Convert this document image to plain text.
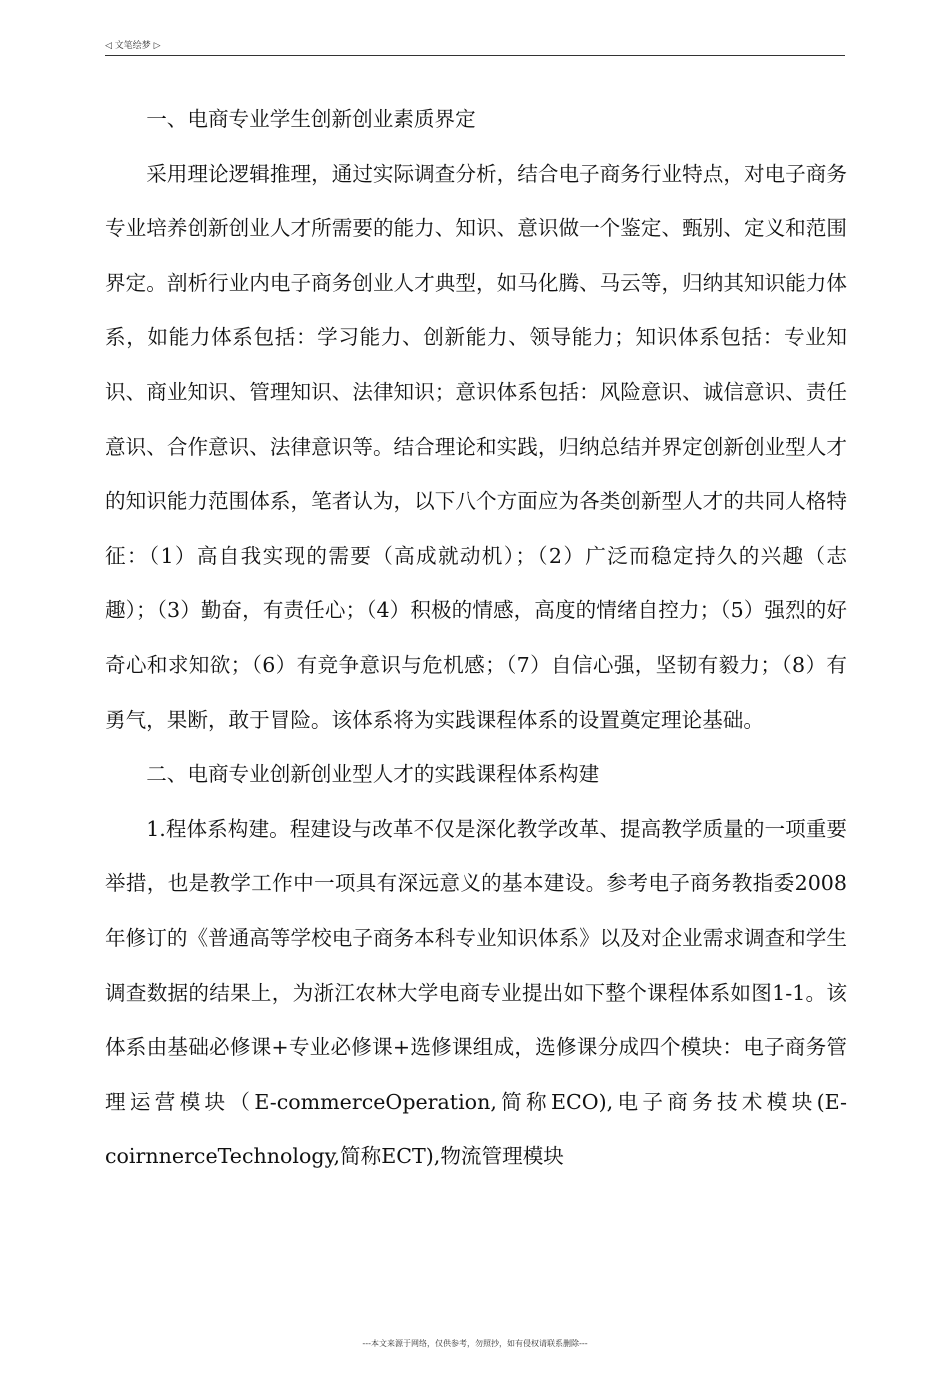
◁ 文笔绘梦 ▷

一、电商专业学生创新创业素质界定

采用理论逻辑推理，通过实际调查分析，结合电子商务行业特点，对电子商务专业培养创新创业人才所需要的能力、知识、意识做一个鉴定、甄别、定义和范围界定。剖析行业内电子商务创业人才典型，如马化腾、马云等，归纳其知识能力体系，如能力体系包括：学习能力、创新能力、领导能力；知识体系包括：专业知识、商业知识、管理知识、法律知识；意识体系包括：风险意识、诚信意识、责任意识、合作意识、法律意识等。结合理论和实践，归纳总结并界定创新创业型人才的知识能力范围体系，笔者认为，以下八个方面应为各类创新型人才的共同人格特征：（1）高自我实现的需要（高成就动机）；（2）广泛而稳定持久的兴趣（志趣）；（3）勤奋，有责任心；（4）积极的情感，高度的情绪自控力；（5）强烈的好奇心和求知欲；（6）有竞争意识与危机感；（7）自信心强，坚韧有毅力；（8）有勇气，果断，敢于冒险。该体系将为实践课程体系的设置奠定理论基础。

二、电商专业创新创业型人才的实践课程体系构建

1.程体系构建。程建设与改革不仅是深化教学改革、提高教学质量的一项重要举措，也是教学工作中一项具有深远意义的基本建设。参考电子商务教指委2008年修订的《普通高等学校电子商务本科专业知识体系》以及对企业需求调查和学生调查数据的结果上，为浙江农林大学电商专业提出如下整个课程体系如图1-1。该体系由基础必修课+专业必修课+选修课组成，选修课分成四个模块：电子商务管理运营模块（E-commerceOperation,简称ECO),电子商务技术模块(E-coirnnerceTechnology,简称ECT),物流管理模块

---本文来源于网络，仅供参考，勿照抄，如有侵权请联系删除---
